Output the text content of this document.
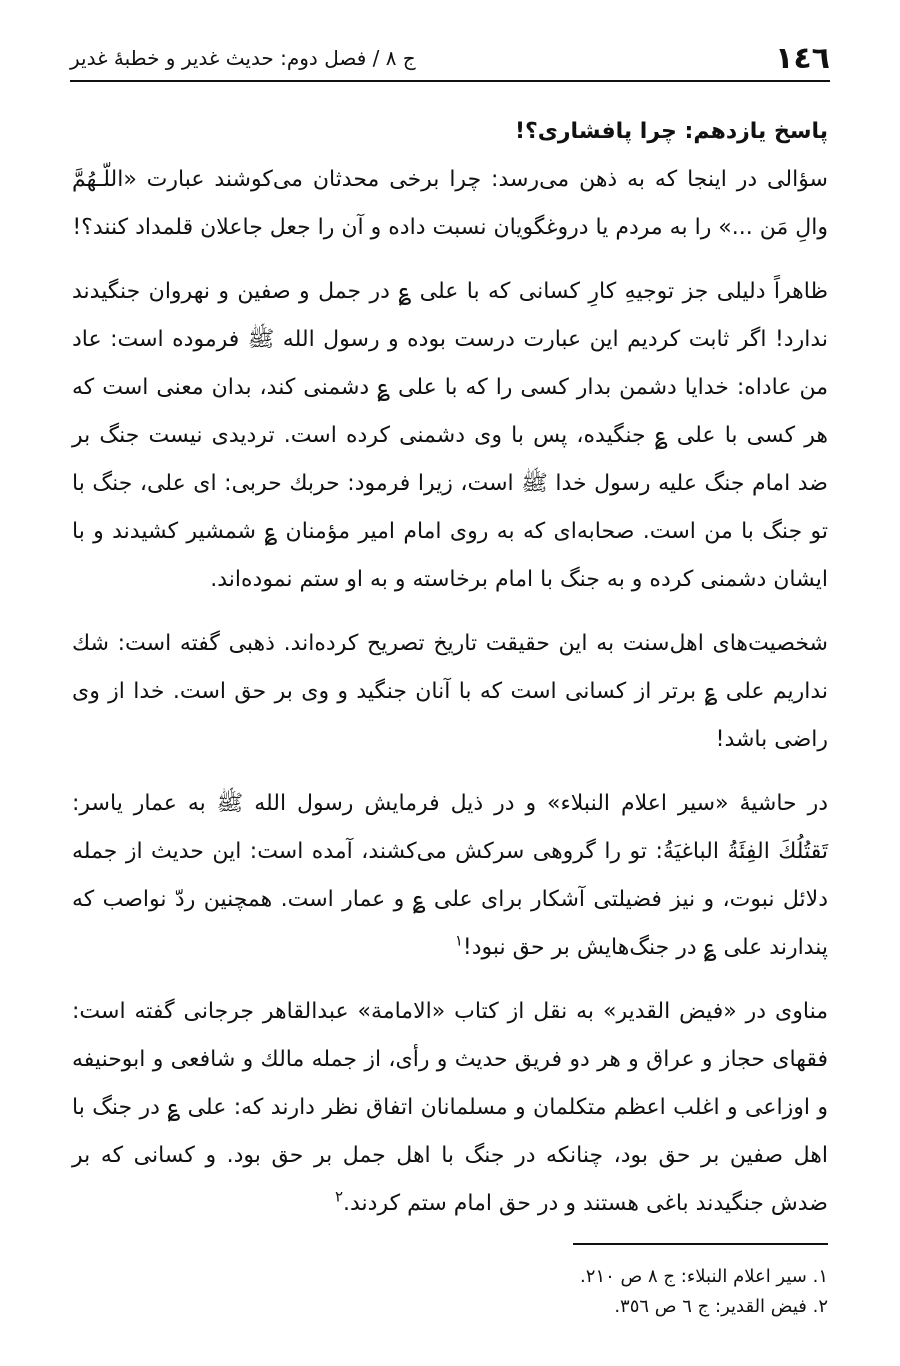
١٤٦
ج ٨ / فصل دوم: حديث غدير و خطبهٔ غدير
پاسخ يازدهم: چرا پافشارى؟!

سؤالى در اينجا كه به ذهن مى‌رسد: چرا برخى محدثان مى‌كوشند عبارت «اللّـهُمَّ والِ مَن ...» را به مردم يا دروغگويان نسبت داده و آن را جعل جاعلان قلمداد كنند؟!

ظاهراً دليلى جز توجيهِ كارِ كسانى كه با على ؏ در جمل و صفين و نهروان جنگيدند ندارد! اگر ثابت كرديم اين عبارت درست بوده و رسول الله ﷺ فرموده است: عاد من عاداه: خدايا دشمن بدار كسى را كه با على ؏ دشمنى كند، بدان معنى است كه هر كسى با على ؏ جنگيده، پس با وى دشمنى كرده است. ترديدى نيست جنگ بر ضد امام جنگ عليه رسول خدا ﷺ است، زيرا فرمود: حربك حربى: اى على، جنگ با تو جنگ با من است. صحابه‌اى كه به روى امام امير مؤمنان ؏ شمشير كشيدند و با ايشان دشمنى كرده و به جنگ با امام برخاسته و به او ستم نموده‌اند.

شخصيت‌هاى اهل‌سنت به اين حقيقت تاريخ تصريح كرده‌اند. ذهبى گفته است: شك نداريم على ؏ برتر از كسانى است كه با آنان جنگيد و وى بر حق است. خدا از وى راضى باشد!

در حاشيهٔ «سير اعلام النبلاء» و در ذيل فرمايش رسول الله ﷺ به عمار ياسر: تَقتُلُكَ الفِئَةُ الباغيَةُ: تو را گروهى سركش مى‌كشند، آمده است: اين حديث از جمله دلائل نبوت، و نيز فضيلتى آشكار براى على ؏ و عمار است. همچنين ردّ نواصب كه پندارند على ؏ در جنگ‌هايش بر حق نبود!$^١$

مناوى در «فيض القدير» به نقل از كتاب «الامامة» عبدالقاهر جرجانى گفته است: فقهاى حجاز و عراق و هر دو فريق حديث و رأى، از جمله مالك و شافعى و ابوحنيفه و اوزاعى و اغلب اعظم متكلمان و مسلمانان اتفاق نظر دارند كه: على ؏ در جنگ با اهل صفين بر حق بود، چنانكه در جنگ با اهل جمل بر حق بود. و كسانى كه بر ضدش جنگيدند باغى هستند و در حق امام ستم كردند.$^٢$

١. سير اعلام النبلاء: ج ٨ ص ٢١٠.

٢. فيض القدير: ج ٦ ص ٣٥٦.
